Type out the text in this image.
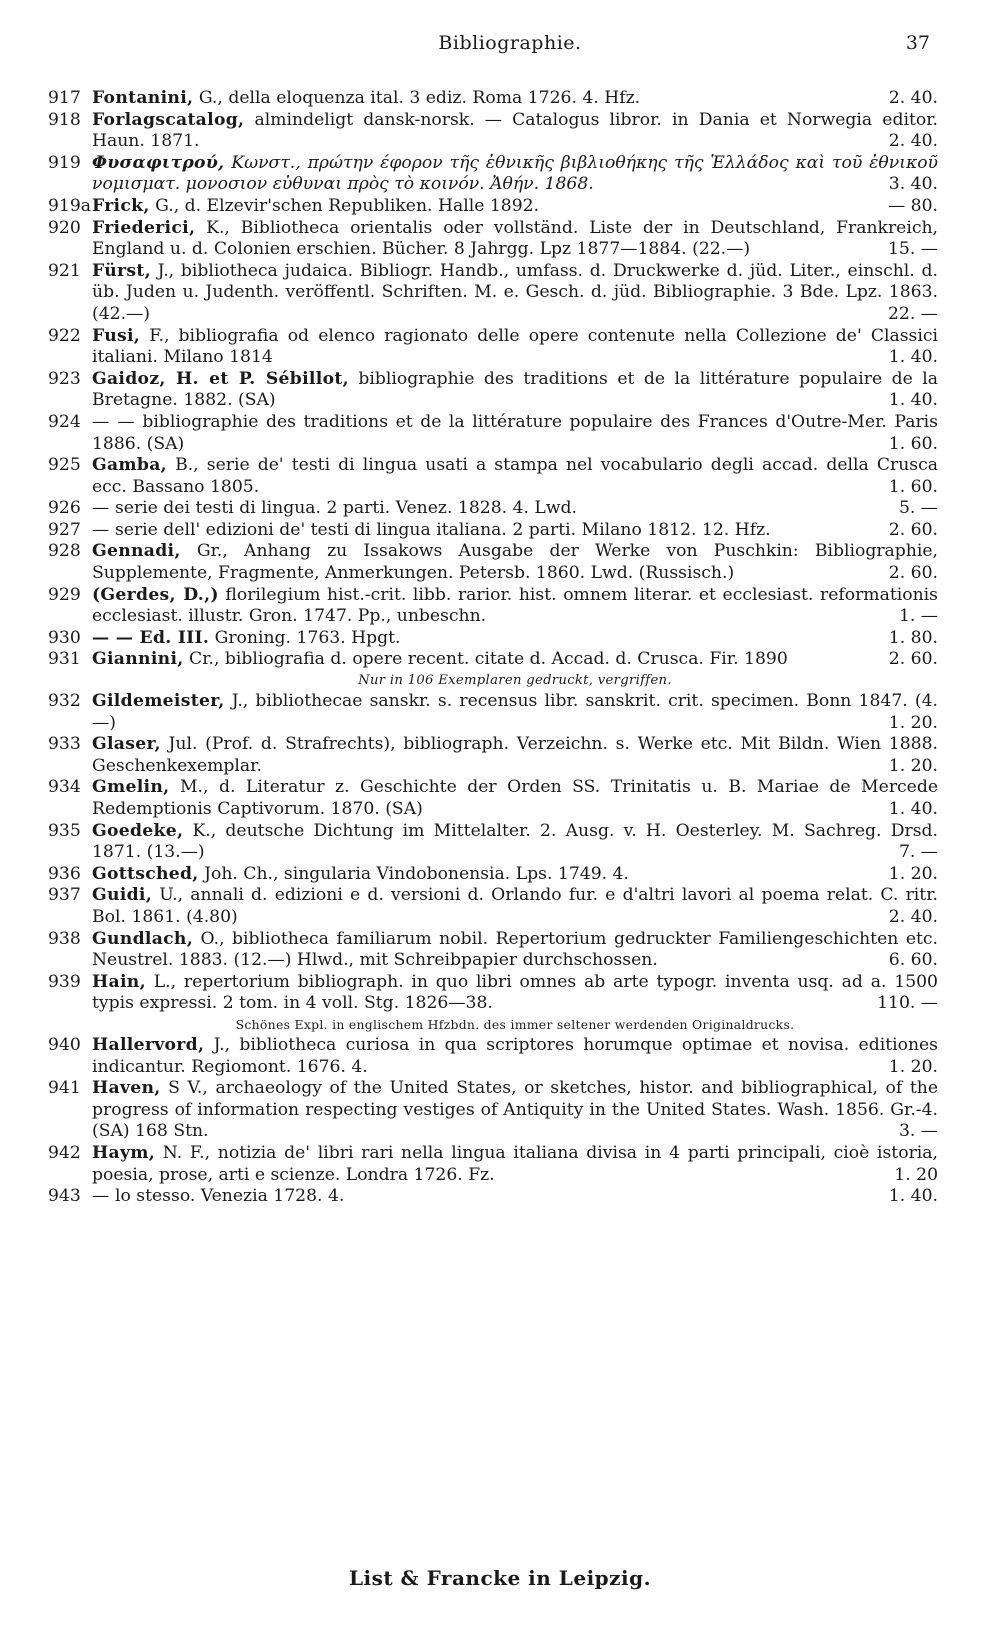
Bibliographie.	37
917 Fontanini, G., della eloquenza ital. 3 ediz. Roma 1726. 4. Hfz.	2. 40.
918 Forlagscatalog, almindeligt dansk-norsk. — Catalogus libror. in Dania et Norwegia editor. Haun. 1871.	2. 40.
919 Φυσαφιτρού, Κωνστ., πρώτην έφορον τῆς ἐθνικῆς βιβλιοθήκης τῆς Ἑλλάδος καὶ τοῦ ἐθνικοῦ νομισματ. μονοσιον εὐθυναι πρὸς τὸ κοινόν. Ἀθήν. 1868.	3. 40.
919a Frick, G., d. Elzevir'schen Republiken. Halle 1892.	— 80.
920 Friederici, K., Bibliotheca orientalis oder vollständ. Liste der in Deutschland, Frankreich, England u. d. Colonien erschien. Bücher. 8 Jahrgg. Lpz 1877—1884. (22.—)	15. —
921 Fürst, J., bibliotheca judaica. Bibliogr. Handb., umfass. d. Druckwerke d. jüd. Liter., einschl. d. üb. Juden u. Judenth. veröffentl. Schriften. M. e. Gesch. d. jüd. Bibliographie. 3 Bde. Lpz. 1863. (42.—)	22. —
922 Fusi, F., bibliografia od elenco ragionato delle opere contenute nella Collezione de' Classici italiani. Milano 1814	1. 40.
923 Gaidoz, H. et P. Sébillot, bibliographie des traditions et de la littérature populaire de la Bretagne. 1882. (SA)	1. 40.
924 — — bibliographie des traditions et de la littérature populaire des Frances d'Outre-Mer. Paris 1886. (SA)	1. 60.
925 Gamba, B., serie de' testi di lingua usati a stampa nel vocabulario degli accad. della Crusca ecc. Bassano 1805.	1. 60.
926 — serie dei testi di lingua. 2 parti. Venez. 1828. 4. Lwd.	5. —
927 — serie dell' edizioni de' testi di lingua italiana. 2 parti. Milano 1812. 12. Hfz.	2. 60.
928 Gennadi, Gr., Anhang zu Issakows Ausgabe der Werke von Puschkin: Bibliographie, Supplemente, Fragmente, Anmerkungen. Petersb. 1860. Lwd. (Russisch.)	2. 60.
929 (Gerdes, D.,) florilegium hist.-crit. libb. rarior. hist. omnem literar. et ecclesiast. reformationis ecclesiast. illustr. Gron. 1747. Pp., unbeschn.	1. —
930 — — Ed. III. Groning. 1763. Hpgt.	1. 80.
931 Giannini, Cr., bibliografia d. opere recent. citate d. Accad. d. Crusca. Fir. 1890	2. 60.
Nur in 106 Exemplaren gedruckt, vergriffen.
932 Gildemeister, J., bibliothecae sanskr. s. recensus libr. sanskrit. crit. specimen. Bonn 1847. (4.—)	1. 20.
933 Glaser, Jul. (Prof. d. Strafrechts), bibliograph. Verzeichn. s. Werke etc. Mit Bildn. Wien 1888. Geschenkexemplar.	1. 20.
934 Gmelin, M., d. Literatur z. Geschichte der Orden SS. Trinitatis u. B. Mariae de Mercede Redemptionis Captivorum. 1870. (SA)	1. 40.
935 Goedeke, K., deutsche Dichtung im Mittelalter. 2. Ausg. v. H. Oesterley. M. Sachreg. Drsd. 1871. (13.—)	7. —
936 Gottsched, Joh. Ch., singularia Vindobonensia. Lps. 1749. 4.	1. 20.
937 Guidi, U., annali d. edizioni e d. versioni d. Orlando fur. e d'altri lavori al poema relat. C. ritr. Bol. 1861. (4.80)	2. 40.
938 Gundlach, O., bibliotheca familiarum nobil. Repertorium gedruckter Familiengeschichten etc. Neustrel. 1883. (12.—) Hlwd., mit Schreibpapier durchschossen.	6. 60.
939 Hain, L., repertorium bibliograph. in quo libri omnes ab arte typogr. inventa usq. ad a. 1500 typis expressi. 2 tom. in 4 voll. Stg. 1826—38.	110. —
Schönes Expl. in englischem Hfzbdn. des immer seltener werdenden Originaldrucks.
940 Hallervord, J., bibliotheca curiosa in qua scriptores horumque optimae et novisa. editiones indicantur. Regiomont. 1676. 4.	1. 20.
941 Haven, S V., archaeology of the United States, or sketches, histor. and bibliographical, of the progress of information respecting vestiges of Antiquity in the United States. Wash. 1856. Gr.-4. (SA) 168 Stn.	3. —
942 Haym, N. F., notizia de' libri rari nella lingua italiana divisa in 4 parti principali, cioè istoria, poesia, prose, arti e scienze. Londra 1726. Fz.	1. 20
943 — lo stesso. Venezia 1728. 4.	1. 40.
List & Francke in Leipzig.
